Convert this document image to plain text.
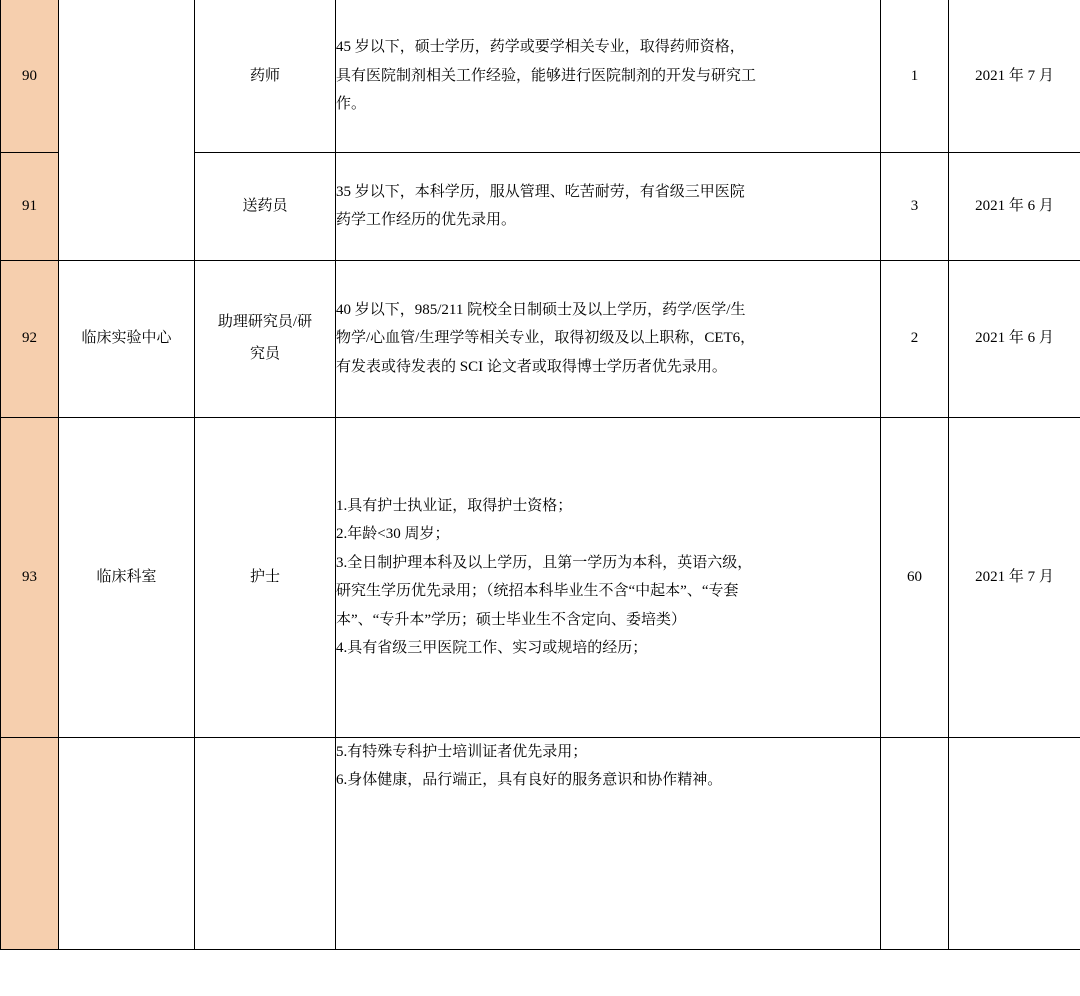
90		药师	45 岁以下，硕士学历，药学或要学相关专业，取得药师资格，
具有医院制剂相关工作经验，能够进行医院制剂的开发与研究工
作。	1	2021 年 7 月
91		送药员	35 岁以下，本科学历，服从管理、吃苦耐劳，有省级三甲医院
药学工作经历的优先录用。	3	2021 年 6 月
92	临床实验中心	助理研究员/研
究员	40 岁以下，985/211 院校全日制硕士及以上学历，药学/医学/生
物学/心血管/生理学等相关专业，取得初级及以上职称，CET6，
有发表或待发表的 SCI 论文者或取得博士学历者优先录用。	2	2021 年 6 月
93	临床科室	护士	
1.具有护士执业证，取得护士资格；
2.年龄<30 周岁；
3.全日制护理本科及以上学历，且第一学历为本科，英语六级，
研究生学历优先录用；（统招本科毕业生不含“中起本”、“专套
本”、“专升本”学历；硕士毕业生不含定向、委培类）
4.具有省级三甲医院工作、实习或规培的经历；
	60	2021 年 7 月

			5.有特殊专科护士培训证者优先录用；
6.身体健康，品行端正，具有良好的服务意识和协作精神。		
